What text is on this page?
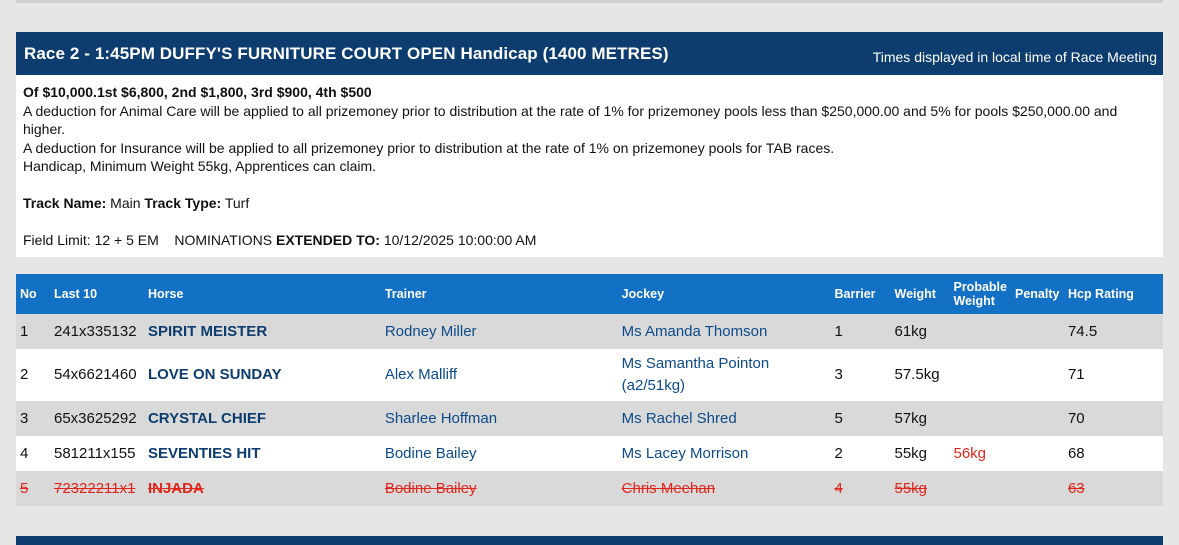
Race 2 - 1:45PM DUFFY'S FURNITURE COURT OPEN Handicap (1400 METRES)	Times displayed in local time of Race Meeting

Of $10,000.1st $6,800, 2nd $1,800, 3rd $900, 4th $500

A deduction for Animal Care will be applied to all prizemoney prior to distribution at the rate of 1% for prizemoney pools less than $250,000.00 and 5% for pools $250,000.00 and higher.

A deduction for Insurance will be applied to all prizemoney prior to distribution at the rate of 1% on prizemoney pools for TAB races.

Handicap, Minimum Weight 55kg, Apprentices can claim.

Track Name: Main Track Type: Turf

Field Limit: 12 + 5 EM NOMINATIONS EXTENDED TO: 10/12/2025 10:00:00 AM

No	Last 10	Horse	Trainer	Jockey	Barrier	Weight	Probable Weight	Penalty	Hcp Rating
1	241x335132	SPIRIT MEISTER	Rodney Miller	Ms Amanda Thomson	1	61kg			74.5
2	54x6621460	LOVE ON SUNDAY	Alex Malliff	Ms Samantha Pointon (a2/51kg)	3	57.5kg			71
3	65x3625292	CRYSTAL CHIEF	Sharlee Hoffman	Ms Rachel Shred	5	57kg			70
4	581211x155	SEVENTIES HIT	Bodine Bailey	Ms Lacey Morrison	2	55kg	56kg		68
5	72322211x1	INJADA	Bodine Bailey	Chris Meehan	4	55kg			63
